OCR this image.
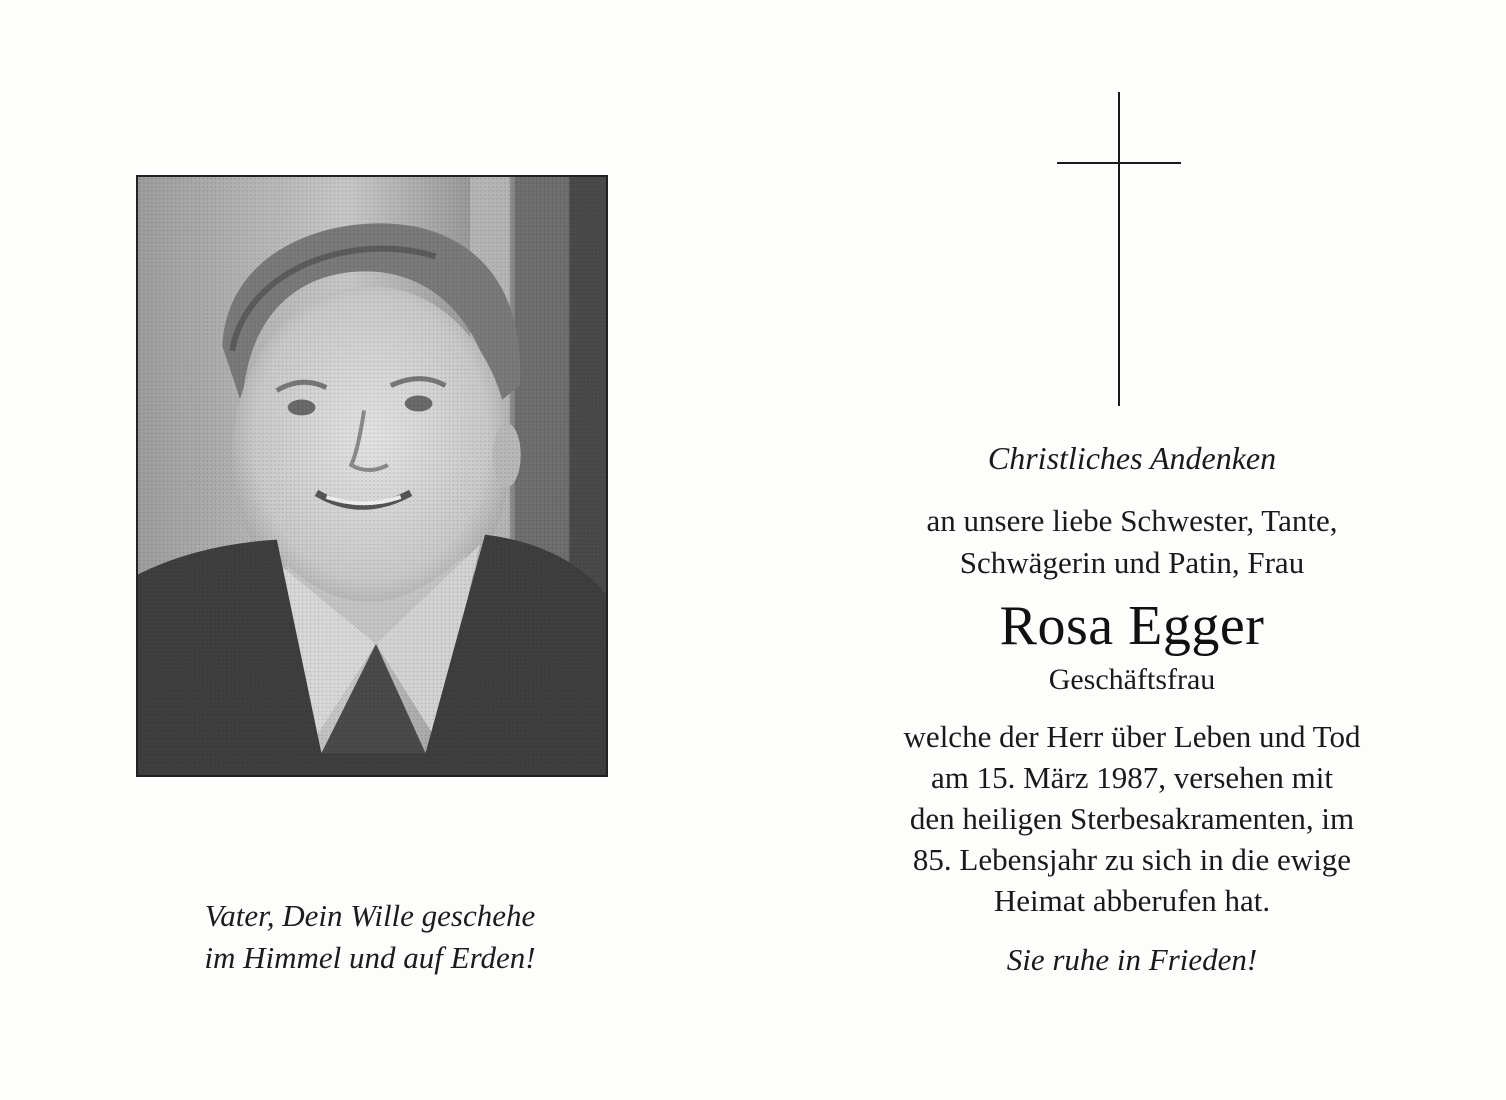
Vater, Dein Wille geschehe
im Himmel und auf Erden!
Christliches Andenken
an unsere liebe Schwester, Tante,
Schwägerin und Patin, Frau
Rosa Egger
Geschäftsfrau
welche der Herr über Leben und Tod
am 15. März 1987, versehen mit
den heiligen Sterbesakramenten, im
85. Lebensjahr zu sich in die ewige
Heimat abberufen hat.
Sie ruhe in Frieden!
